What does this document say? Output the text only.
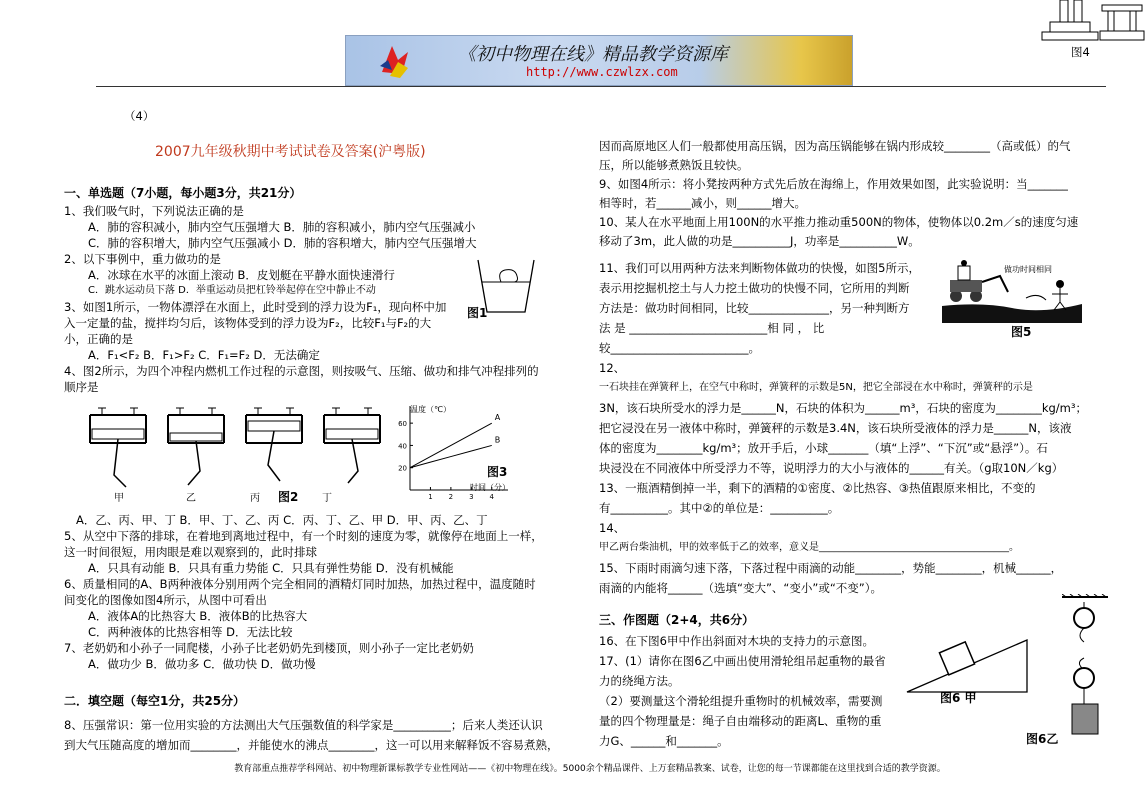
图4
《初中物理在线》精品教学资源库
http://www.czwlzx.com
（4）
2007九年级秋期中考试试卷及答案(沪粤版)
一、单选题（7小题，每小题3分，共21分）
1、我们吸气时，下列说法正确的是
A．肺的容积减小，肺内空气压强增大 B．肺的容积减小，肺内空气压强减小
C．肺的容积增大，肺内空气压强减小 D．肺的容积增大，肺内空气压强增大
2、以下事例中，重力做功的是
A．冰球在水平的冰面上滚动 B．皮划艇在平静水面快速滑行
C．跳水运动员下落 D．举重运动员把杠铃举起停在空中静止不动
3、如图1所示，一物体漂浮在水面上，此时受到的浮力设为F₁，现向杯中加
入一定量的盐，搅拌均匀后，该物体受到的浮力设为F₂，比较F₁与F₂的大
小，正确的是
A．F₁<F₂ B．F₁>F₂ C．F₁=F₂ D．无法确定
4、图2所示，为四个冲程内燃机工作过程的示意图，则按吸气、压缩、做功和排气冲程排列的
顺序是
图1
甲	乙	丙	丁
图2
20
40
60
1 2 3 4
A
B
温度（℃）
时间（分）
图3
A．乙、丙、甲、丁 B．甲、丁、乙、丙 C．丙、丁、乙、甲 D．甲、丙、乙、丁
5、从空中下落的排球，在着地到离地过程中，有一个时刻的速度为零，就像停在地面上一样，
这一时间很短，用肉眼是难以观察到的，此时排球
A．只具有动能 B．只具有重力势能 C．只具有弹性势能 D．没有机械能
6、质量相同的A、B两种液体分别用两个完全相同的酒精灯同时加热，加热过程中，温度随时
间变化的图像如图4所示，从图中可看出
A．液体A的比热容大 B．液体B的比热容大
C．两种液体的比热容相等 D．无法比较
7、老奶奶和小孙子一同爬楼，小孙子比老奶奶先到楼顶，则小孙子一定比老奶奶
A．做功少 B．做功多 C．做功快 D．做功慢
二．填空题（每空1分，共25分）
8、压强常识：第一位用实验的方法测出大气压强数值的科学家是__________；后来人类还认识
到大气压随高度的增加而________，并能使水的沸点________，这一可以用来解释饭不容易煮熟，
因而高原地区人们一般都使用高压锅，因为高压锅能够在锅内形成较________（高或低）的气
压，所以能够煮熟饭且较快。
9、如图4所示：将小凳按两种方式先后放在海绵上，作用效果如图，此实验说明：当_______
相等时，若______减小，则______增大。
10、某人在水平地面上用100N的水平推力推动重500N的物体，使物体以0.2m／s的速度匀速
移动了3m，此人做的功是__________J，功率是__________W。
11、我们可以用两种方法来判断物体做功的快慢，如图5所示，
表示用挖掘机挖土与人力挖土做功的快慢不同，它所用的判断
方法是：做功时间相同，比较______________，另一种判断方
法 是 ________________________相 同 ， 比
较________________________。
做功时间相同
图5
12、
一石块挂在弹簧秤上，在空气中称时，弹簧秤的示数是5N，把它全部浸在水中称时，弹簧秤的示是
3N，该石块所受水的浮力是______N，石块的体积为______m³，石块的密度为________kg/m³；
把它浸没在另一液体中称时，弹簧秤的示数是3.4N，该石块所受液体的浮力是______N，该液
体的密度为________kg/m³；放开手后，小球_______（填“上浮”、“下沉”或“悬浮”）。石
块浸没在不同液体中所受浮力不等，说明浮力的大小与液体的______有关。（g取10N／kg）
13、一瓶酒精倒掉一半，剩下的酒精的①密度、②比热容、③热值跟原来相比，不变的
有__________。其中②的单位是：__________。
14、
甲乙两台柴油机，甲的效率低于乙的效率，意义是______________________________________。
15、下雨时雨滴匀速下落，下落过程中雨滴的动能________，势能________，机械______，
雨滴的内能将______（选填“变大”、“变小”或“不变”）。
三、作图题（2+4，共6分）
16、在下图6甲中作出斜面对木块的支持力的示意图。
17、(1）请你在图6乙中画出使用滑轮组吊起重物的最省
力的绕绳方法。
（2）要测量这个滑轮组提升重物时的机械效率，需要测
量的四个物理量是：绳子自由端移动的距离L、重物的重
力G、______和_______。
图6 甲
图6乙
教育部重点推荐学科网站、初中物理新课标教学专业性网站——《初中物理在线》。5000余个精品课件、上万套精品教案、试卷，让您的每一节课都能在这里找到合适的教学资源。
